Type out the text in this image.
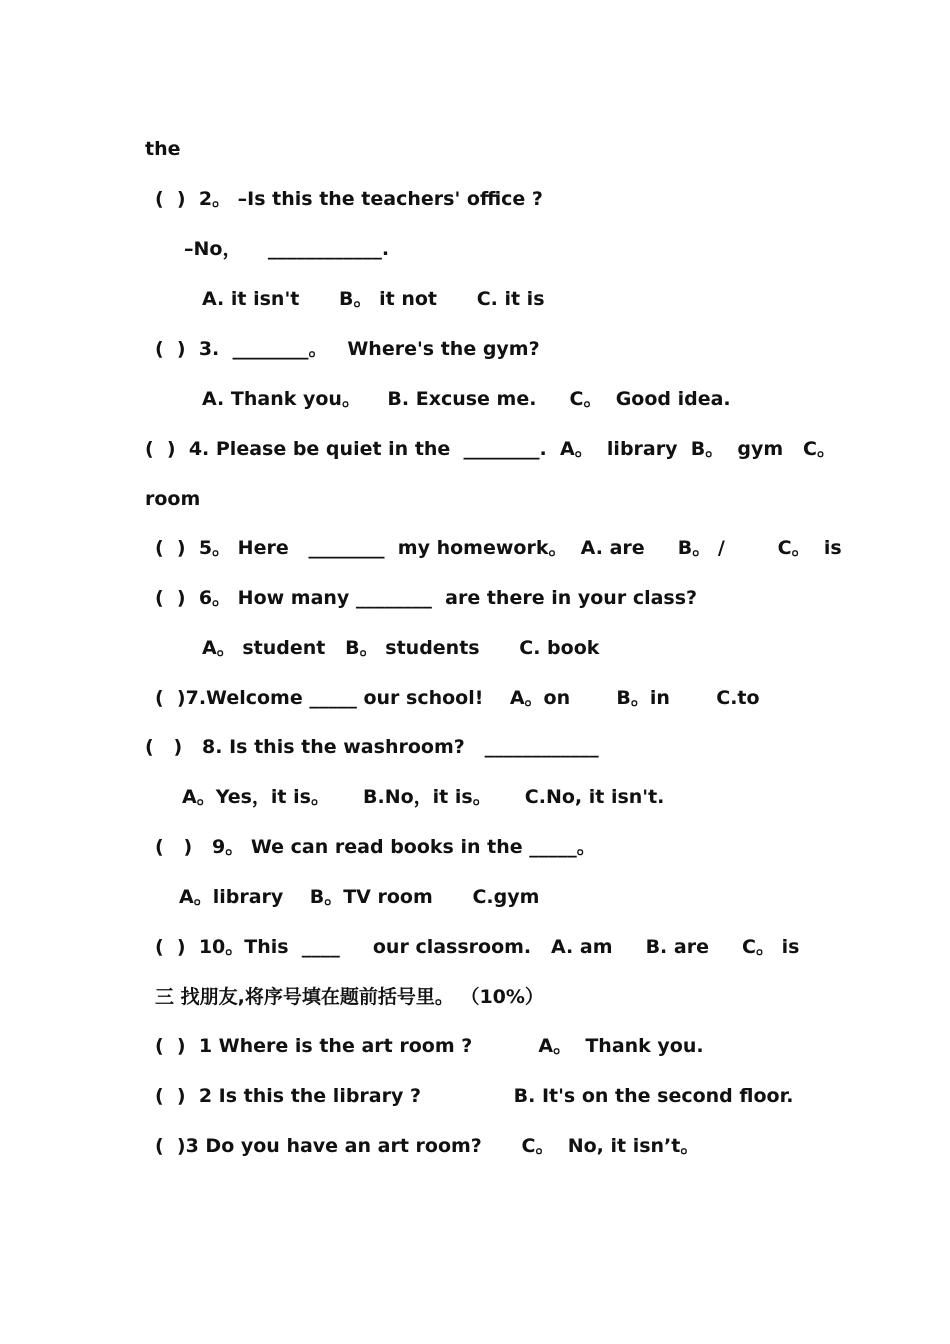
the
(  )  2。 –Is this the teachers' office ?
–No，    ____________.
A. it isn't      B。 it not      C. it is
(  )  3.  ________。   Where's the gym?
A. Thank you。    B. Excuse me.     C。  Good idea.
(  )  4. Please be quiet in the  ________.  A。  library  B。  gym   C。
room
(  )  5。 Here   ________  my homework。  A. are     B。 /        C。  is
(  )  6。 How many ________  are there in your class?
A。 student   B。 students      C. book
(  )7.Welcome _____ our school!    A。on       B。in       C.to
(   )   8. Is this the washroom?   ____________
A。Yes，it is。     B.No，it is。     C.No, it isn't.
(   )   9。 We can read books in the _____。
A。library    B。TV room      C.gym
(  )  10。This  ____     our classroom.   A. am     B. are     C。 is
三 找朋友,将序号填在题前括号里。 （10%）
(  )  1 Where is the art room ?          A。  Thank you.
(  )  2 Is this the library ?              B. It's on the second floor.
(  )3 Do you have an art room?      C。  No, it isn’t。
